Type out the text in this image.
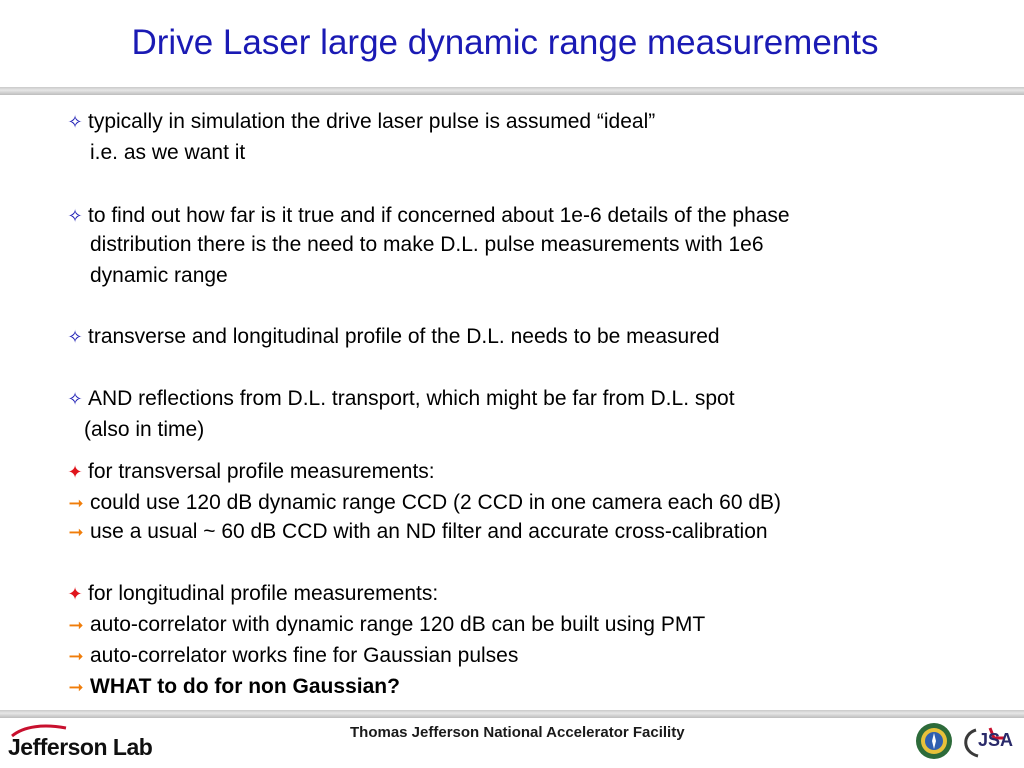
Drive Laser large dynamic range measurements
✧ typically in simulation the drive laser pulse is assumed “ideal”
i.e. as we want it
✧ to find out how far is it true and if concerned about 1e-6 details of the phase
distribution there is the need to make D.L. pulse measurements with 1e6
dynamic range
✧ transverse and longitudinal profile of the D.L. needs to be measured
✧ AND reflections from D.L. transport, which might be far from D.L. spot
(also in time)
✦ for transversal profile measurements:
➞ could use 120 dB dynamic range CCD (2 CCD in one camera each 60 dB)
➞ use a usual ~ 60 dB CCD with an ND filter and accurate cross-calibration
✦ for longitudinal profile measurements:
➞ auto-correlator with dynamic range 120 dB can be built using PMT
➞ auto-correlator works fine for Gaussian pulses
➞ WHAT to do for non Gaussian?
Jefferson Lab
Thomas Jefferson National Accelerator Facility	JSA
